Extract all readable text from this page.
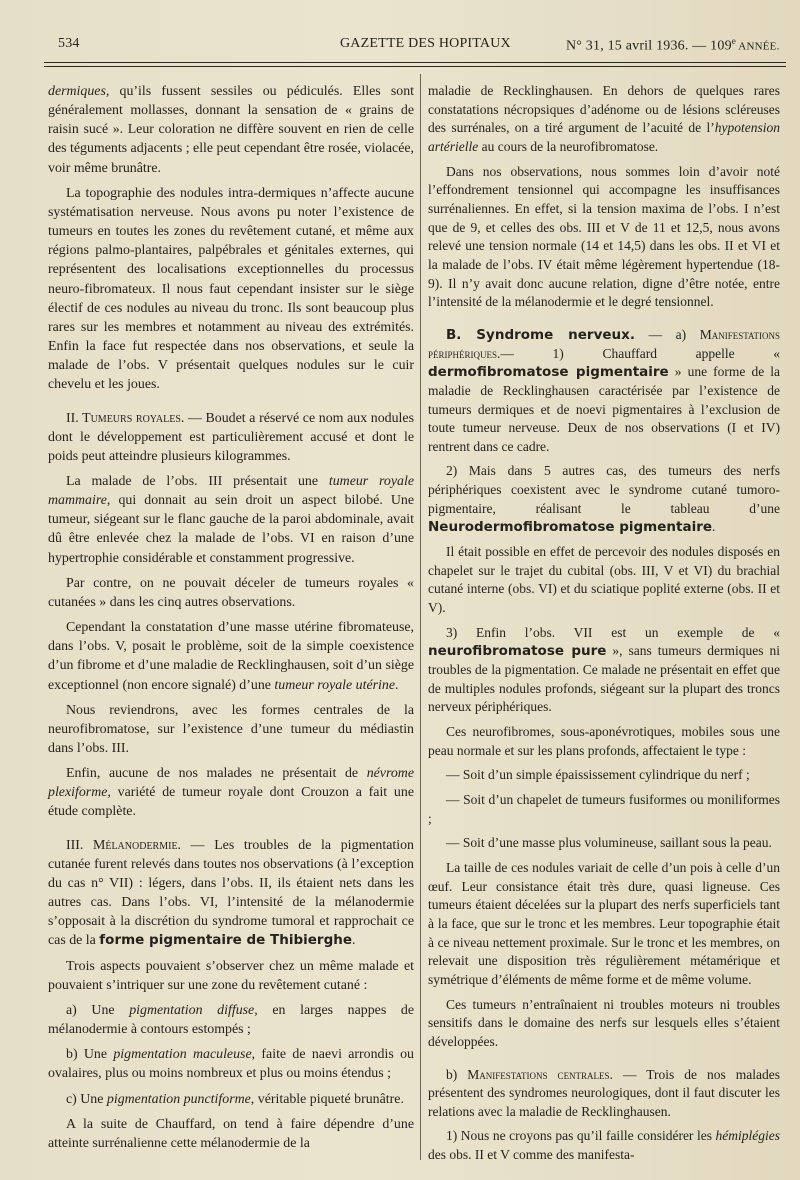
534	GAZETTE DES HOPITAUX	N° 31, 15 avril 1936. — 109e ANNÉE.

dermiques, qu’ils fussent sessiles ou pédiculés. Elles sont généralement mollasses, donnant la sensation de « grains de raisin sucé ». Leur coloration ne diffère souvent en rien de celle des téguments adjacents ; elle peut cependant être rosée, violacée, voir même brunâtre.

La topographie des nodules intra-dermiques n’affecte aucune systématisation nerveuse. Nous avons pu noter l’existence de tumeurs en toutes les zones du revêtement cutané, et même aux régions palmo-plantaires, palpébrales et génitales externes, qui représentent des localisations exceptionnelles du processus neuro-fibromateux. Il nous faut cependant insister sur le siège électif de ces nodules au niveau du tronc. Ils sont beaucoup plus rares sur les membres et notamment au niveau des extrémités. Enfin la face fut respectée dans nos observations, et seule la malade de l’obs. V présentait quelques nodules sur le cuir chevelu et les joues.

II. Tumeurs royales. — Boudet a réservé ce nom aux nodules dont le développement est particulièrement accusé et dont le poids peut atteindre plusieurs kilogrammes.

La malade de l’obs. III présentait une tumeur royale mammaire, qui donnait au sein droit un aspect bilobé. Une tumeur, siégeant sur le flanc gauche de la paroi abdominale, avait dû être enlevée chez la malade de l’obs. VI en raison d’une hypertrophie considérable et constamment progressive.

Par contre, on ne pouvait déceler de tumeurs royales « cutanées » dans les cinq autres observations.

Cependant la constatation d’une masse utérine fibromateuse, dans l’obs. V, posait le problème, soit de la simple coexistence d’un fibrome et d’une maladie de Recklinghausen, soit d’un siège exceptionnel (non encore signalé) d’une tumeur royale utérine.

Nous reviendrons, avec les formes centrales de la neurofibromatose, sur l’existence d’une tumeur du médiastin dans l’obs. III.

Enfin, aucune de nos malades ne présentait de névrome plexiforme, variété de tumeur royale dont Crouzon a fait une étude complète.

III. Mélanodermie. — Les troubles de la pigmentation cutanée furent relevés dans toutes nos observations (à l’exception du cas n° VII) : légers, dans l’obs. II, ils étaient nets dans les autres cas. Dans l’obs. VI, l’intensité de la mélanodermie s’opposait à la discrétion du syndrome tumoral et rapprochait ce cas de la forme pigmentaire de Thibierghe.

Trois aspects pouvaient s’observer chez un même malade et pouvaient s’intriquer sur une zone du revêtement cutané :

a) Une pigmentation diffuse, en larges nappes de mélanodermie à contours estompés ;

b) Une pigmentation maculeuse, faite de naevi arrondis ou ovalaires, plus ou moins nombreux et plus ou moins étendus ;

c) Une pigmentation punctiforme, véritable piqueté brunâtre.

A la suite de Chauffard, on tend à faire dépendre d’une atteinte surrénalienne cette mélanodermie de la

maladie de Recklinghausen. En dehors de quelques rares constatations nécropsiques d’adénome ou de lésions scléreuses des surrénales, on a tiré argument de l’acuité de l’hypotension artérielle au cours de la neurofibromatose.

Dans nos observations, nous sommes loin d’avoir noté l’effondrement tensionnel qui accompagne les insuffisances surrénaliennes. En effet, si la tension maxima de l’obs. I n’est que de 9, et celles des obs. III et V de 11 et 12,5, nous avons relevé une tension normale (14 et 14,5) dans les obs. II et VI et la malade de l’obs. IV était même légèrement hypertendue (18-9). Il n’y avait donc aucune relation, digne d’être notée, entre l’intensité de la mélanodermie et le degré tensionnel.

B. Syndrome nerveux. — a) Manifestations périphériques.— 1) Chauffard appelle « dermofibromatose pigmentaire » une forme de la maladie de Recklinghausen caractérisée par l’existence de tumeurs dermiques et de noevi pigmentaires à l’exclusion de toute tumeur nerveuse. Deux de nos observations (I et IV) rentrent dans ce cadre.

2) Mais dans 5 autres cas, des tumeurs des nerfs périphériques coexistent avec le syndrome cutané tumoro-pigmentaire, réalisant le tableau d’une Neurodermofibromatose pigmentaire.

Il était possible en effet de percevoir des nodules disposés en chapelet sur le trajet du cubital (obs. III, V et VI) du brachial cutané interne (obs. VI) et du sciatique poplité externe (obs. II et V).

3) Enfin l’obs. VII est un exemple de « neurofibromatose pure », sans tumeurs dermiques ni troubles de la pigmentation. Ce malade ne présentait en effet que de multiples nodules profonds, siégeant sur la plupart des troncs nerveux périphériques.

Ces neurofibromes, sous-aponévrotiques, mobiles sous une peau normale et sur les plans profonds, affectaient le type :

— Soit d’un simple épaississement cylindrique du nerf ;

— Soit d’un chapelet de tumeurs fusiformes ou moniliformes ;

— Soit d’une masse plus volumineuse, saillant sous la peau.

La taille de ces nodules variait de celle d’un pois à celle d’un œuf. Leur consistance était très dure, quasi ligneuse. Ces tumeurs étaient décelées sur la plupart des nerfs superficiels tant à la face, que sur le tronc et les membres. Leur topographie était à ce niveau nettement proximale. Sur le tronc et les membres, on relevait une disposition très régulièrement métamérique et symétrique d’éléments de même forme et de même volume.

Ces tumeurs n’entraînaient ni troubles moteurs ni troubles sensitifs dans le domaine des nerfs sur lesquels elles s’étaient développées.

b) Manifestations centrales. — Trois de nos malades présentent des syndromes neurologiques, dont il faut discuter les relations avec la maladie de Recklinghausen.

1) Nous ne croyons pas qu’il faille considérer les hémiplégies des obs. II et V comme des manifesta-
